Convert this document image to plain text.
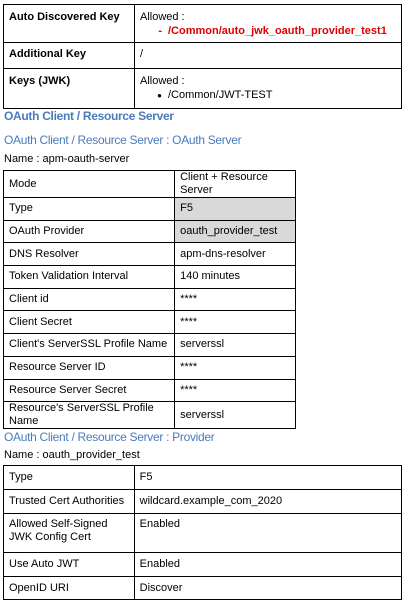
Auto Discovered Key	Allowed :
- /Common/auto_jwk_oauth_provider_test1

Additional Key	/
Keys (JWK)	Allowed :
● /Common/JWT-TEST
OAuth Client / Resource Server
OAuth Client / Resource Server : OAuth Server
Name : apm-oauth-server
Mode	Client + Resource Server
Type	F5
OAuth Provider	oauth_provider_test
DNS Resolver	apm-dns-resolver
Token Validation Interval	140 minutes
Client id	****
Client Secret	****
Client's ServerSSL Profile Name	serverssl
Resource Server ID	****
Resource Server Secret	****
Resource's ServerSSL Profile Name	serverssl
OAuth Client / Resource Server : Provider
Name : oauth_provider_test
Type	F5
Trusted Cert Authorities	wildcard.example_com_2020
Allowed Self-Signed JWK Config Cert	Enabled
Use Auto JWT	Enabled
OpenID URI	Discover
